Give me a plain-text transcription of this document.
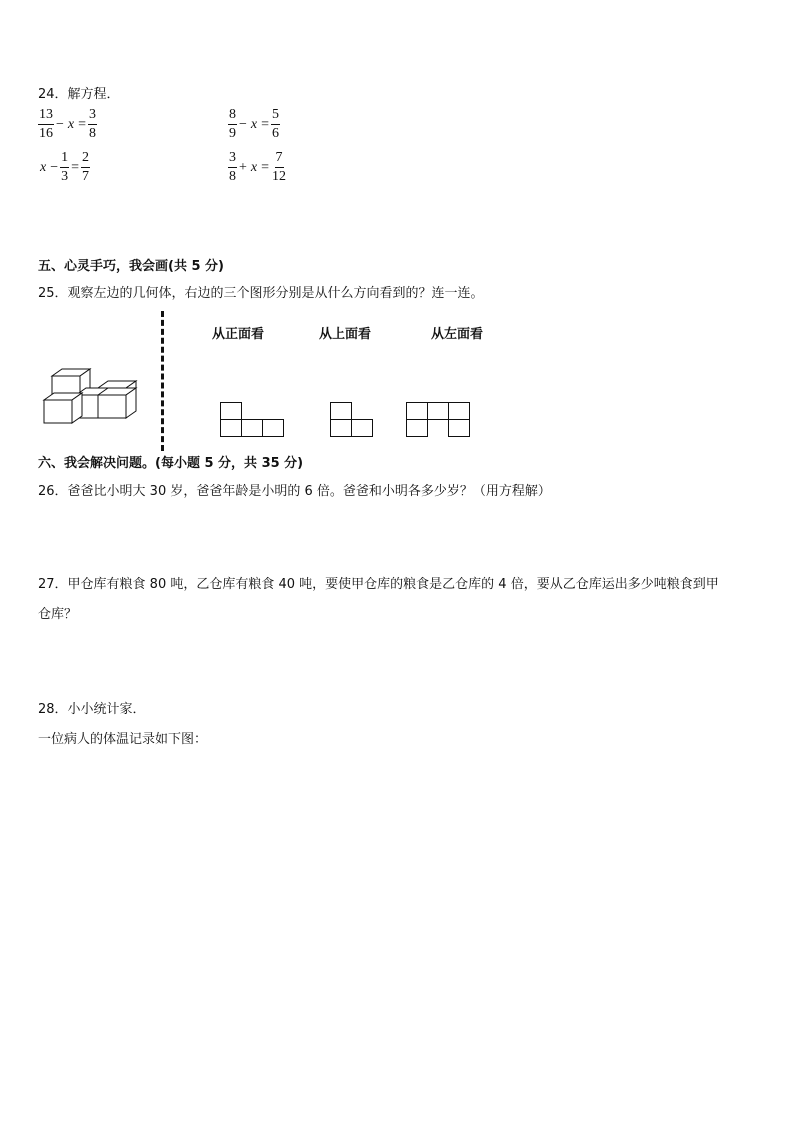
24．解方程．
$\frac{13}{16} - x = \frac{3}{8}$	$\frac{8}{9} - x = \frac{5}{6}$
$x - \frac{1}{3} = \frac{2}{7}$	$\frac{3}{8} + x = \frac{7}{12}$
五、心灵手巧，我会画(共 5 分)
25．观察左边的几何体，右边的三个图形分别是从什么方向看到的？连一连。
从正面看	从上面看	从左面看
六、我会解决问题。(每小题 5 分，共 35 分)
26．爸爸比小明大 30 岁，爸爸年龄是小明的 6 倍。爸爸和小明各多少岁？（用方程解）
27．甲仓库有粮食 80 吨，乙仓库有粮食 40 吨，要使甲仓库的粮食是乙仓库的 4 倍，要从乙仓库运出多少吨粮食到甲
仓库？
28．小小统计家．
一位病人的体温记录如下图：
